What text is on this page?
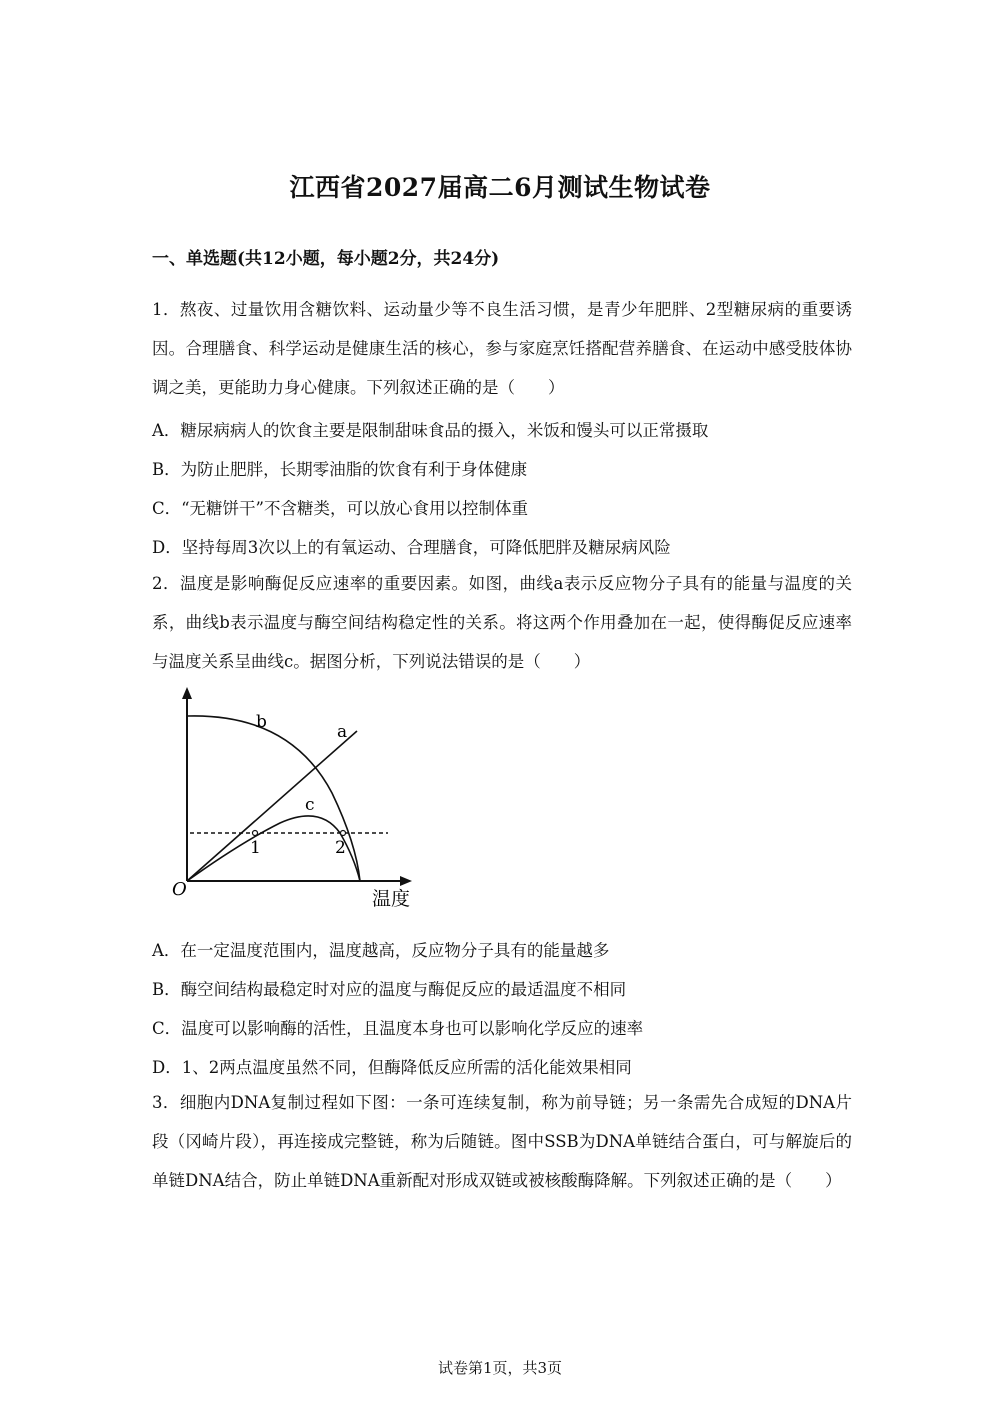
江西省2027届高二6月测试生物试卷
一、单选题(共12小题，每小题2分，共24分)
1．熬夜、过量饮用含糖饮料、运动量少等不良生活习惯，是青少年肥胖、2型糖尿病的重要诱因。合理膳食、科学运动是健康生活的核心，参与家庭烹饪搭配营养膳食、在运动中感受肢体协调之美，更能助力身心健康。下列叙述正确的是（　　）
A．糖尿病病人的饮食主要是限制甜味食品的摄入，米饭和馒头可以正常摄取
B．为防止肥胖，长期零油脂的饮食有利于身体健康
C．“无糖饼干”不含糖类，可以放心食用以控制体重
D．坚持每周3次以上的有氧运动、合理膳食，可降低肥胖及糖尿病风险
2．温度是影响酶促反应速率的重要因素。如图，曲线a表示反应物分子具有的能量与温度的关系，曲线b表示温度与酶空间结构稳定性的关系。将这两个作用叠加在一起，使得酶促反应速率与温度关系呈曲线c。据图分析，下列说法错误的是（　　）
b	a
c
1	2
O	温度
A．在一定温度范围内，温度越高，反应物分子具有的能量越多
B．酶空间结构最稳定时对应的温度与酶促反应的最适温度不相同
C．温度可以影响酶的活性，且温度本身也可以影响化学反应的速率
D．1、2两点温度虽然不同，但酶降低反应所需的活化能效果相同
3．细胞内DNA复制过程如下图：一条可连续复制，称为前导链；另一条需先合成短的DNA片段（冈崎片段），再连接成完整链，称为后随链。图中SSB为DNA单链结合蛋白，可与解旋后的单链DNA结合，防止单链DNA重新配对形成双链或被核酸酶降解。下列叙述正确的是（　　）
试卷第1页，共3页
